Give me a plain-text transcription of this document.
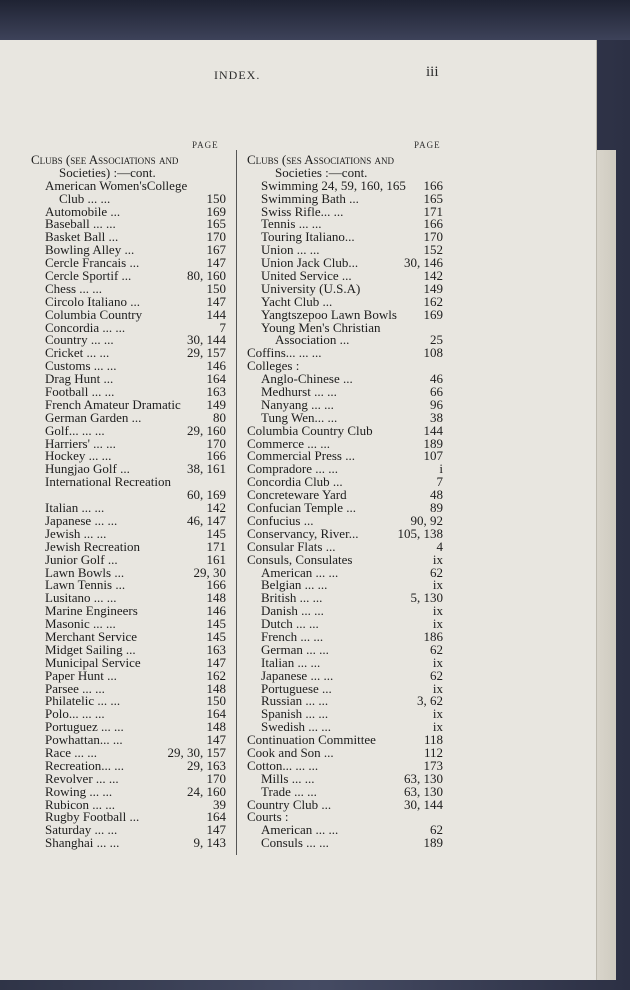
INDEX.	iii
PAGE	PAGE
Clubs (see Associations and
Societies) :—cont.
American Women'sCollege
Club ... ...	150
Automobile ...	169
Baseball ... ...	165
Basket Ball ...	170
Bowling Alley ...	167
Cercle Francais ...	147
Cercle Sportif ...	80, 160
Chess ... ...	150
Circolo Italiano ...	147
Columbia Country	144
Concordia ... ...	7
Country ... ...	30, 144
Cricket ... ...	29, 157
Customs ... ...	146
Drag Hunt ...	164
Football ... ...	163
French Amateur Dramatic 149
German Garden ...	80
Golf... ... ...	29, 160
Harriers' ... ...	170
Hockey ... ...	166
Hungjao Golf ...	38, 161
International Recreation
60, 169
Italian ... ...	142
Japanese ... ...	46, 147
Jewish ... ...	145
Jewish Recreation	171
Junior Golf ...	161
Lawn Bowls ...	29, 30
Lawn Tennis ...	166
Lusitano ... ...	148
Marine Engineers	146
Masonic ... ...	145
Merchant Service	145
Midget Sailing ...	163
Municipal Service	147
Paper Hunt ...	162
Parsee ... ...	148
Philatelic ... ...	150
Polo... ... ...	164
Portuguez ... ...	148
Powhattan... ...	147
Race ... ...	29, 30, 157
Recreation... ...	29, 163
Revolver ... ...	170
Rowing ... ...	24, 160
Rubicon ... ...	39
Rugby Football ...	164
Saturday ... ...	147
Shanghai ... ...	9, 143
Clubs (ses Associations and
Societies :—cont.
Swimming 24, 59, 160, 165 166
Swimming Bath ...	165
Swiss Rifle... ...	171
Tennis ... ...	166
Touring Italiano...	170
Union ... ...	152
Union Jack Club...	30, 146
United Service ...	142
University (U.S.A)	149
Yacht Club ...	162
Yangtszepoo Lawn Bowls 169
Young Men's Christian
Association ...	25
Coffins... ... ...	108
Colleges :
Anglo-Chinese ...	46
Medhurst ... ...	66
Nanyang ... ...	96
Tung Wen... ...	38
Columbia Country Club	144
Commerce ... ...	189
Commercial Press ...	107
Compradore ... ...	i
Concordia Club ...	7
Concreteware Yard	48
Confucian Temple ...	89
Confucius ...	90, 92
Conservancy, River...	105, 138
Consular Flats ...	4
Consuls, Consulates	ix
American ... ...	62
Belgian ... ...	ix
British ... ...	5, 130
Danish ... ...	ix
Dutch ... ...	ix
French ... ...	186
German ... ...	62
Italian ... ...	ix
Japanese ... ...	62
Portuguese ...	ix
Russian ... ...	3, 62
Spanish ... ...	ix
Swedish ... ...	ix
Continuation Committee	118
Cook and Son ...	112
Cotton... ... ...	173
Mills ... ...	63, 130
Trade ... ...	63, 130
Country Club ...	30, 144
Courts :
American ... ...	62
Consuls ... ...	189
